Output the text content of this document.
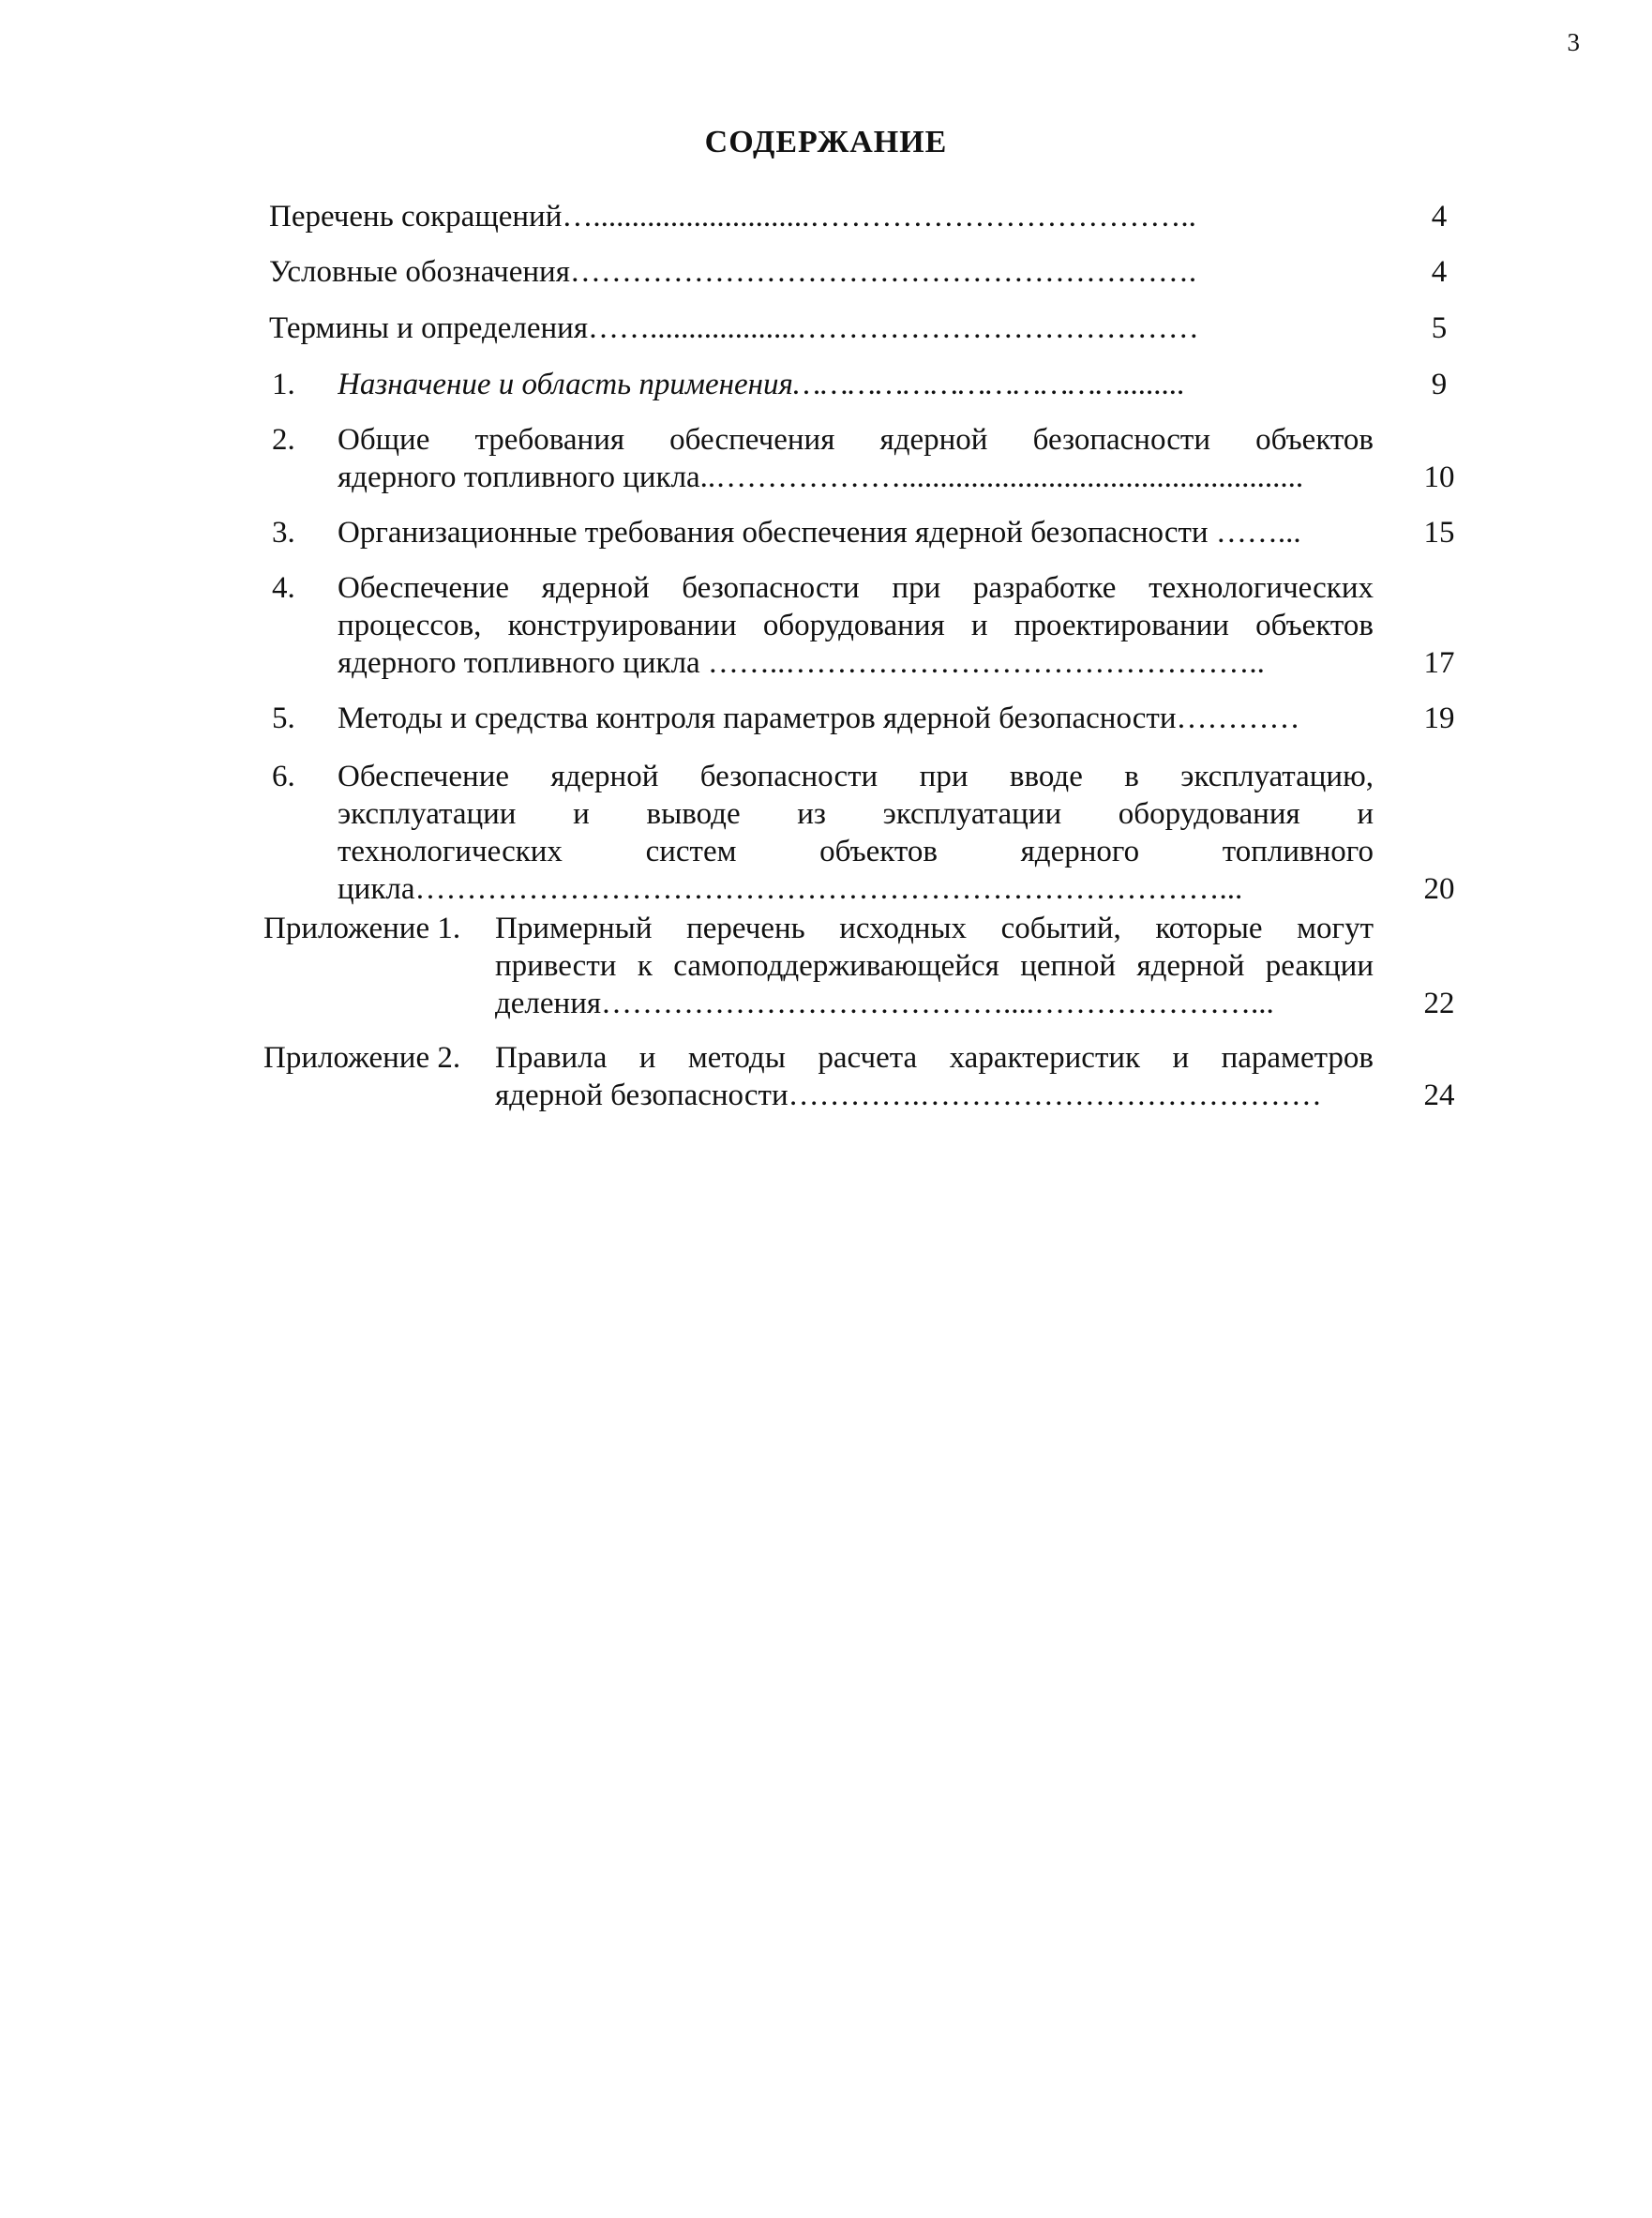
3
СОДЕРЖАНИЕ
Перечень сокращений…............................………………………………..	4
Условные обозначения…………………………………………………….	4
Термины и определения……...................…………………………………	5
1. Назначение и область применения………………………………........	9
2. Общие требования обеспечения ядерной безопасности объектов
ядерного топливного цикла..………………....................................................	10
3. Организационные требования обеспечения ядерной безопасности ……...	15
4. Обеспечение ядерной безопасности при разработке технологических
процессов, конструировании оборудования и проектировании объектов
ядерного топливного цикла ……..………………………………………..	17
5. Методы и средства контроля параметров ядерной безопасности…………	19
6. Обеспечение ядерной безопасности при вводе в эксплуатацию,
эксплуатации и выводе из эксплуатации оборудования и
технологических систем объектов ядерного топливного
цикла……………………………………………………………………...	20
Приложение 1. Примерный перечень исходных событий, которые могут
привести к самоподдерживающейся цепной ядерной реакции
деления…………………………………....…………………...	22
Приложение 2. Правила и методы расчета характеристик и параметров
ядерной безопасности………….…………………………………	24
